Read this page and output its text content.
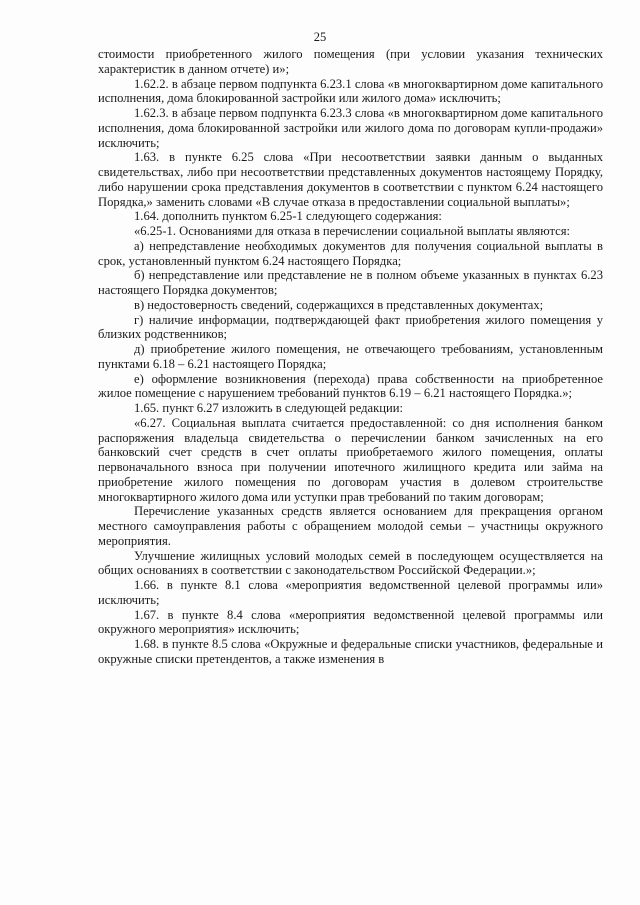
25

стоимости приобретенного жилого помещения (при условии указания технических характеристик в данном отчете) и»;

1.62.2. в абзаце первом подпункта 6.23.1 слова «в многоквартирном доме капитального исполнения, дома блокированной застройки или жилого дома» исключить;

1.62.3. в абзаце первом подпункта 6.23.3 слова «в многоквартирном доме капитального исполнения, дома блокированной застройки или жилого дома по договорам купли-продажи» исключить;

1.63. в пункте 6.25 слова «При несоответствии заявки данным о выданных свидетельствах, либо при несоответствии представленных документов настоящему Порядку, либо нарушении срока представления документов в соответствии с пунктом 6.24 настоящего Порядка,» заменить словами «В случае отказа в предоставлении социальной выплаты»;

1.64. дополнить пунктом 6.25-1 следующего содержания:

«6.25-1. Основаниями для отказа в перечислении социальной выплаты являются:

а) непредставление необходимых документов для получения социальной выплаты в срок, установленный пунктом 6.24 настоящего Порядка;

б) непредставление или представление не в полном объеме указанных в пунктах 6.23 настоящего Порядка документов;

в) недостоверность сведений, содержащихся в представленных документах;

г) наличие информации, подтверждающей факт приобретения жилого помещения у близких родственников;

д) приобретение жилого помещения, не отвечающего требованиям, установленным пунктами 6.18 – 6.21 настоящего Порядка;

е) оформление возникновения (перехода) права собственности на приобретенное жилое помещение с нарушением требований пунктов 6.19 – 6.21 настоящего Порядка.»;

1.65. пункт 6.27 изложить в следующей редакции:

«6.27. Социальная выплата считается предоставленной: со дня исполнения банком распоряжения владельца свидетельства о перечислении банком зачисленных на его банковский счет средств в счет оплаты приобретаемого жилого помещения, оплаты первоначального взноса при получении ипотечного жилищного кредита или займа на приобретение жилого помещения по договорам участия в долевом строительстве многоквартирного жилого дома или уступки прав требований по таким договорам;

Перечисление указанных средств является основанием для прекращения органом местного самоуправления работы с обращением молодой семьи – участницы окружного мероприятия.

Улучшение жилищных условий молодых семей в последующем осуществляется на общих основаниях в соответствии с законодательством Российской Федерации.»;

1.66. в пункте 8.1 слова «мероприятия ведомственной целевой программы или» исключить;

1.67. в пункте 8.4 слова «мероприятия ведомственной целевой программы или окружного мероприятия» исключить;

1.68. в пункте 8.5 слова «Окружные и федеральные списки участников, федеральные и окружные списки претендентов, а также изменения в
